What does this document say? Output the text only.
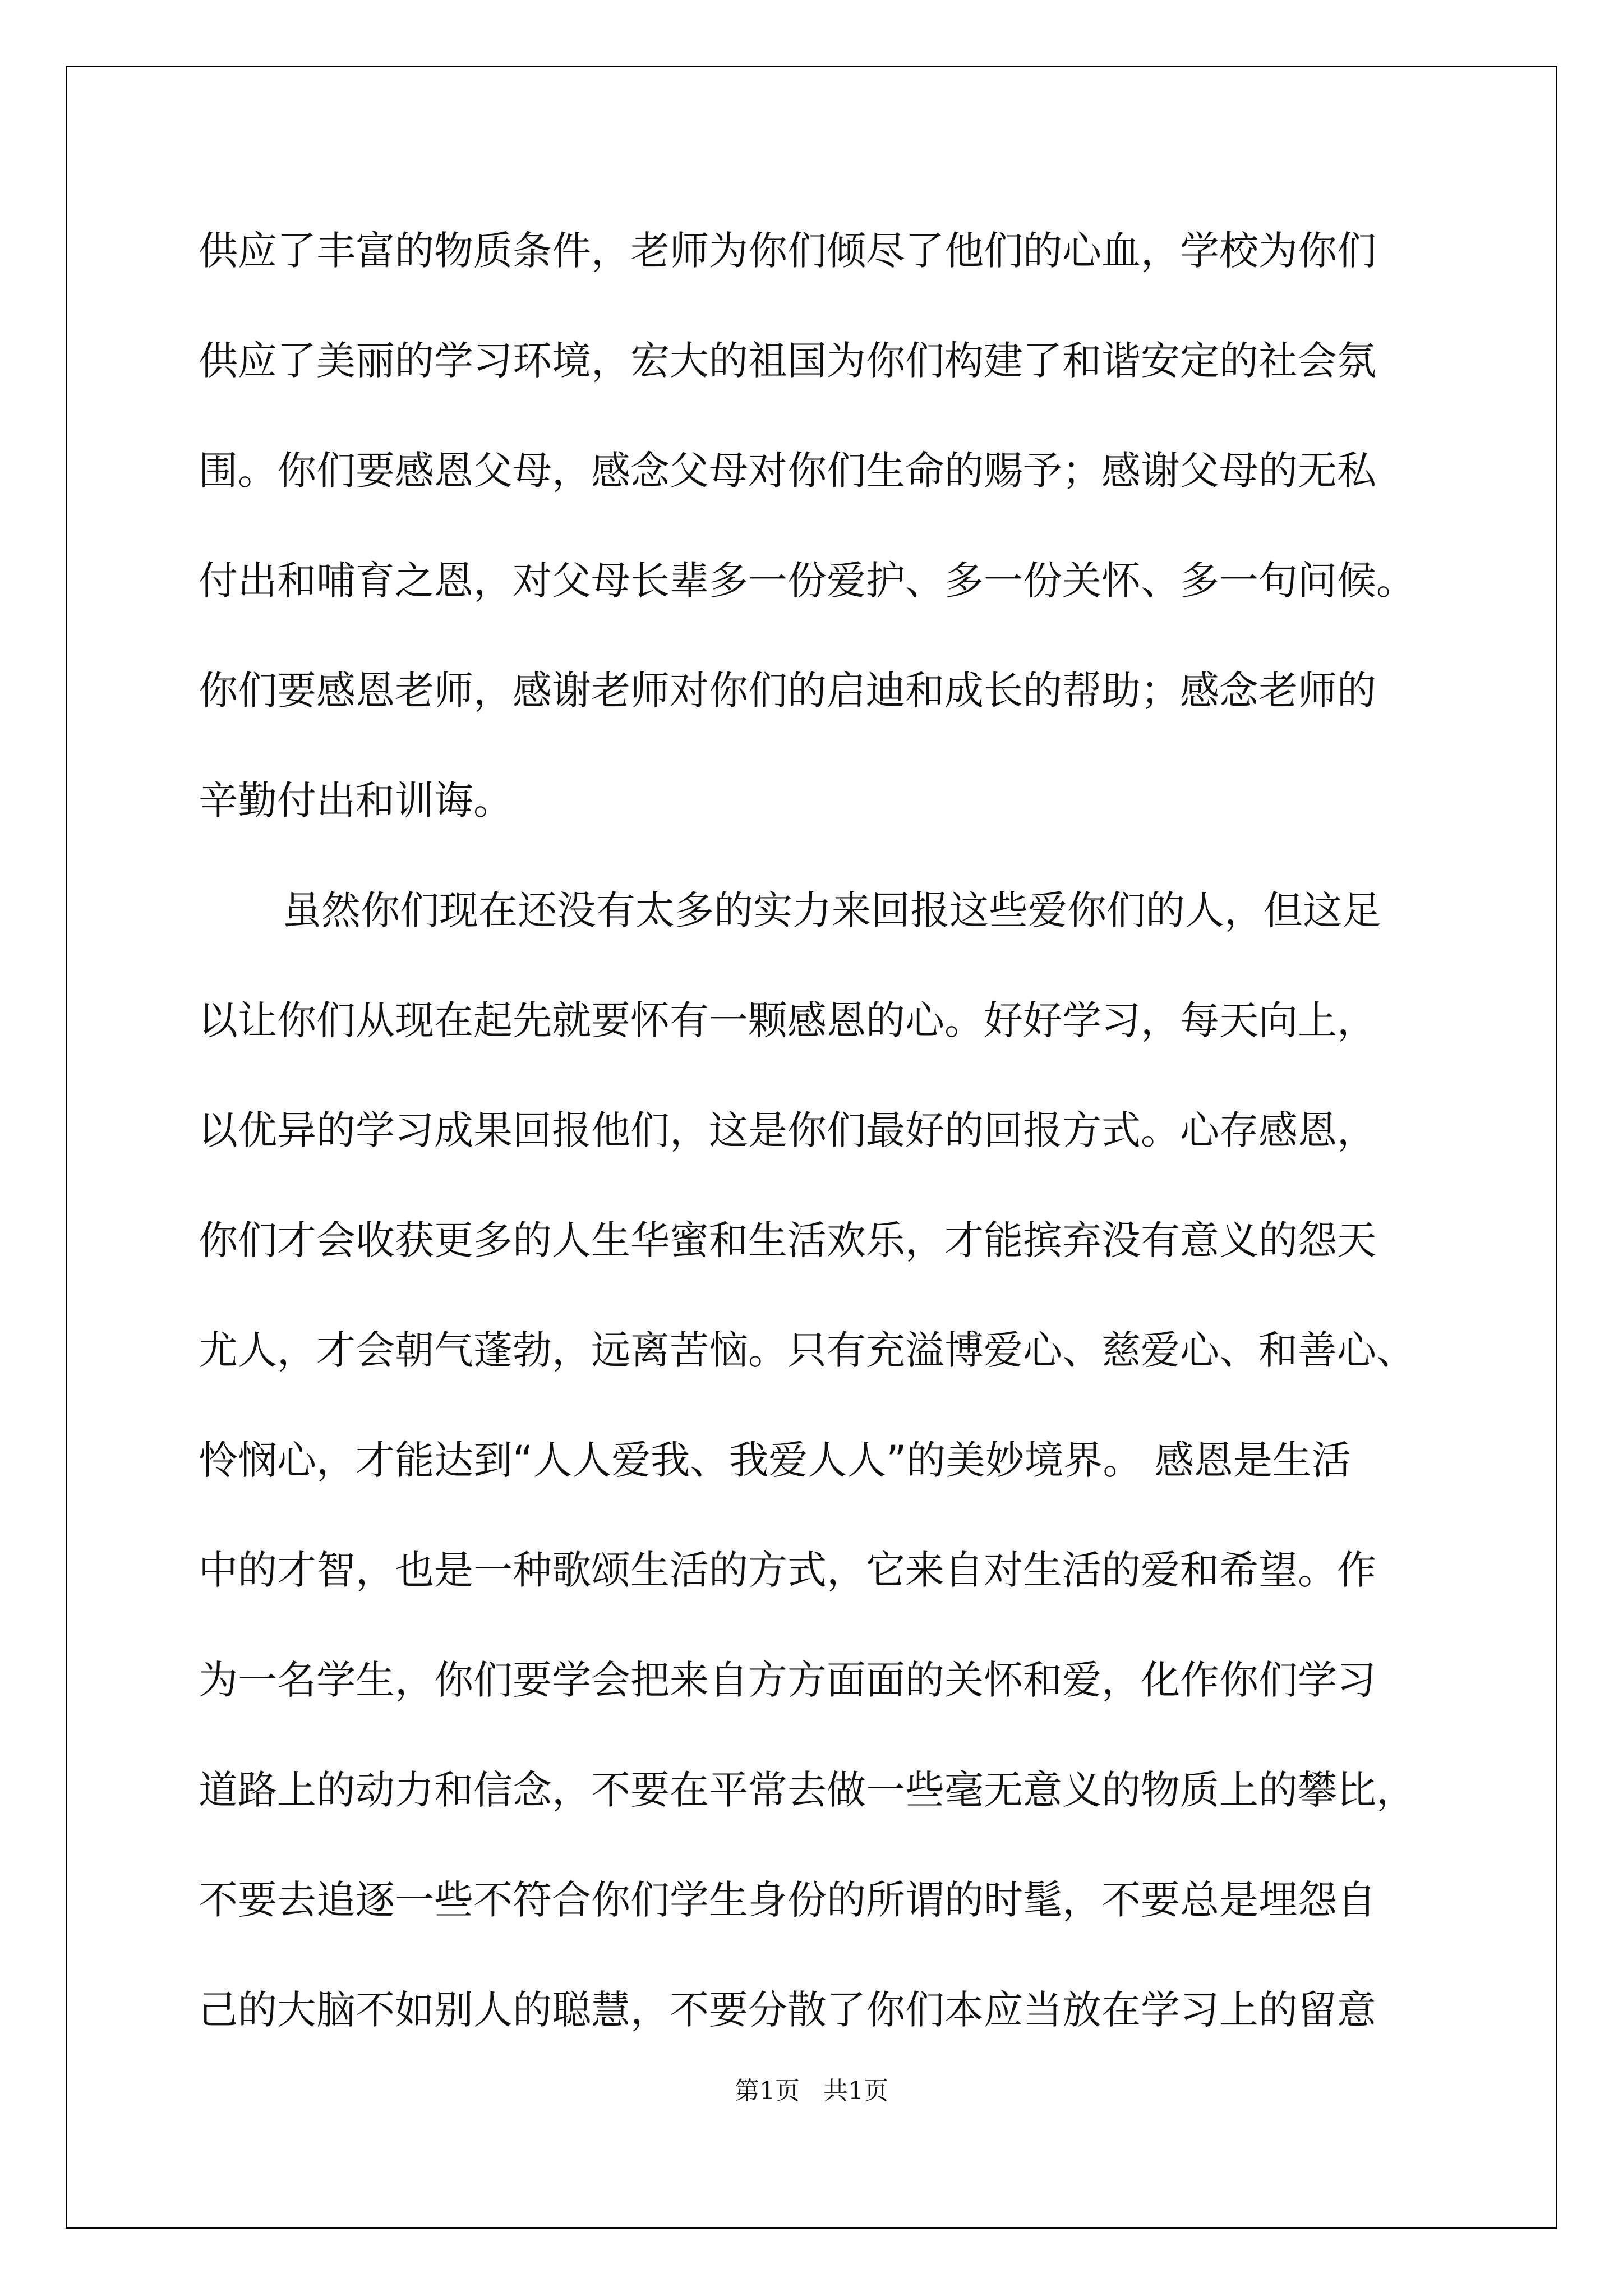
供应了丰富的物质条件，老师为你们倾尽了他们的心血，学校为你们

供应了美丽的学习环境，宏大的祖国为你们构建了和谐安定的社会氛

围。你们要感恩父母，感念父母对你们生命的赐予；感谢父母的无私

付出和哺育之恩，对父母长辈多一份爱护、多一份关怀、多一句问候。

你们要感恩老师，感谢老师对你们的启迪和成长的帮助；感念老师的

辛勤付出和训诲。

虽然你们现在还没有太多的实力来回报这些爱你们的人，但这足

以让你们从现在起先就要怀有一颗感恩的心。好好学习，每天向上，

以优异的学习成果回报他们，这是你们最好的回报方式。心存感恩，

你们才会收获更多的人生华蜜和生活欢乐，才能摈弃没有意义的怨天

尤人，才会朝气蓬勃，远离苦恼。只有充溢博爱心、慈爱心、和善心、

怜悯心，才能达到“人人爱我、我爱人人”的美妙境界。 感恩是生活

中的才智，也是一种歌颂生活的方式，它来自对生活的爱和希望。作

为一名学生，你们要学会把来自方方面面的关怀和爱，化作你们学习

道路上的动力和信念，不要在平常去做一些毫无意义的物质上的攀比，

不要去追逐一些不符合你们学生身份的所谓的时髦，不要总是埋怨自

己的大脑不如别人的聪慧，不要分散了你们本应当放在学习上的留意

第1页   共1页
